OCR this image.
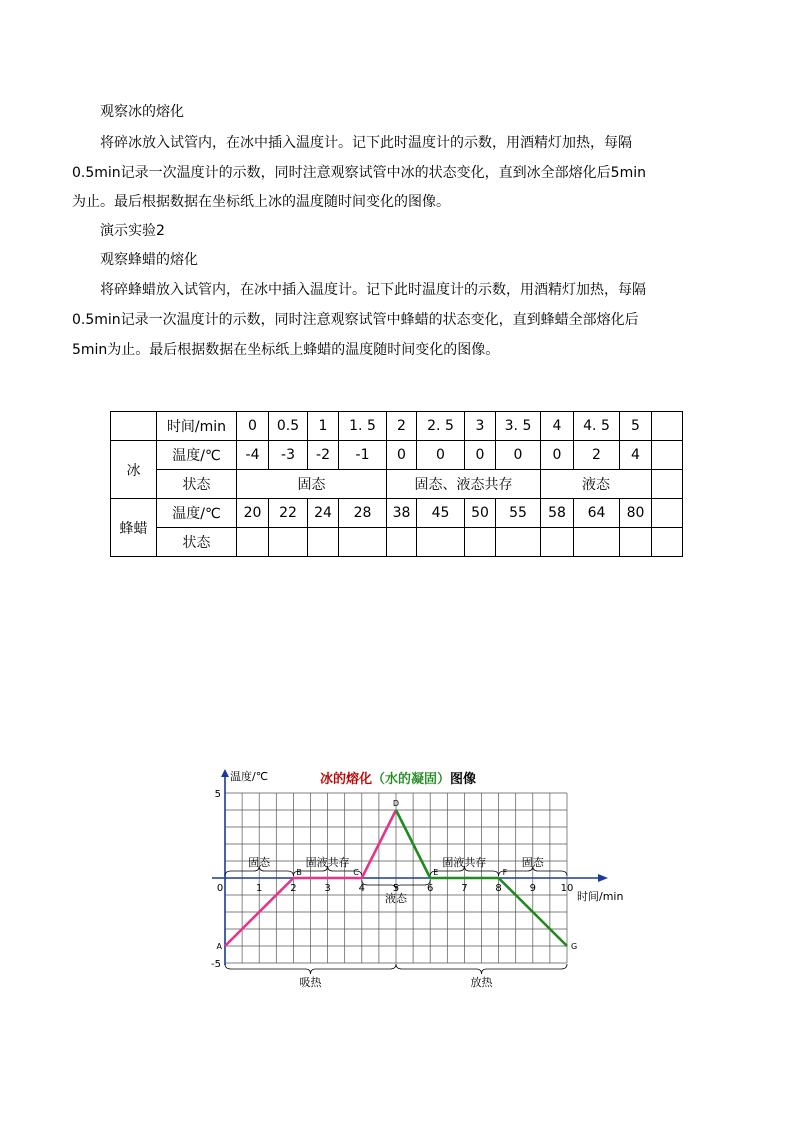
观察冰的熔化
将碎冰放入试管内，在冰中插入温度计。记下此时温度计的示数，用酒精灯加热，每隔
0.5min记录一次温度计的示数，同时注意观察试管中冰的状态变化，直到冰全部熔化后5min
为止。最后根据数据在坐标纸上冰的温度随时间变化的图像。
演示实验2
观察蜂蜡的熔化
将碎蜂蜡放入试管内，在冰中插入温度计。记下此时温度计的示数，用酒精灯加热，每隔
0.5min记录一次温度计的示数，同时注意观察试管中蜂蜡的状态变化，直到蜂蜡全部熔化后
5min为止。最后根据数据在坐标纸上蜂蜡的温度随时间变化的图像。
	时间/min	0	0.5	1	1. 5	2	2. 5	3	3. 5	4	4. 5	5	
冰	温度/℃	-4	-3	-2	-1	0	0	0	0	0	2	4	
	状态	固态				固态、液态共存				液态			
蜂蜡	温度/℃	20	22	24	28	38	45	50	55	58	64	80	
	状态												
冰的熔化（水的凝固）图像
温度/℃
时间/min
0	1	2	3	4	5	6	7	8	9 10
5
-5
A
B	C
D
E	F
G
固态	固液共存
液态
固液共存	固态
吸热	放热
